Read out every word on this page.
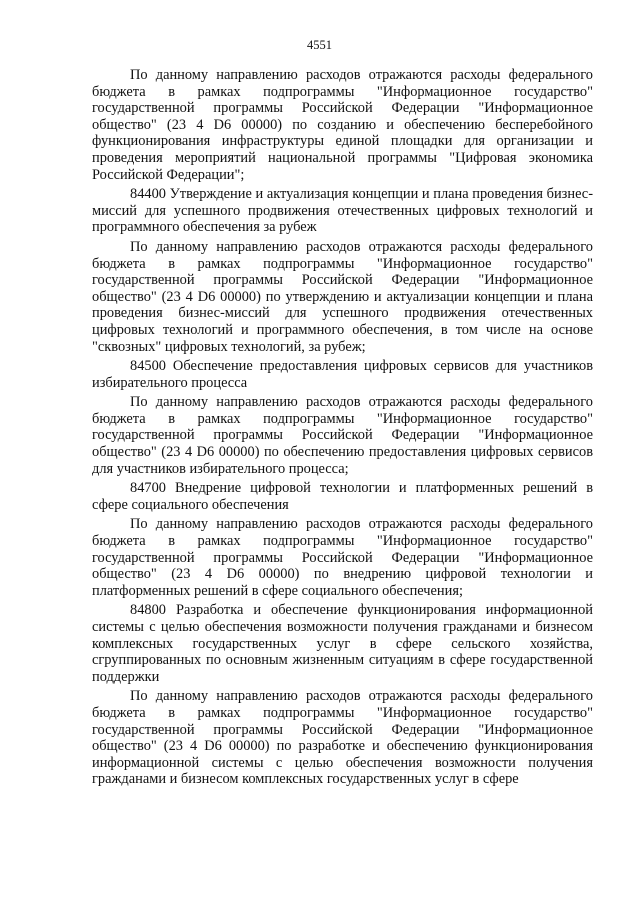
4551

По данному направлению расходов отражаются расходы федерального бюджета в рамках подпрограммы "Информационное государство" государственной программы Российской Федерации "Информационное общество" (23 4 D6 00000) по созданию и обеспечению бесперебойного функционирования инфраструктуры единой площадки для организации и проведения мероприятий национальной программы "Цифровая экономика Российской Федерации";

84400 Утверждение и актуализация концепции и плана проведения бизнес-миссий для успешного продвижения отечественных цифровых технологий и программного обеспечения за рубеж

По данному направлению расходов отражаются расходы федерального бюджета в рамках подпрограммы "Информационное государство" государственной программы Российской Федерации "Информационное общество" (23 4 D6 00000) по утверждению и актуализации концепции и плана проведения бизнес-миссий для успешного продвижения отечественных цифровых технологий и программного обеспечения, в том числе на основе "сквозных" цифровых технологий, за рубеж;

84500 Обеспечение предоставления цифровых сервисов для участников избирательного процесса

По данному направлению расходов отражаются расходы федерального бюджета в рамках подпрограммы "Информационное государство" государственной программы Российской Федерации "Информационное общество" (23 4 D6 00000) по обеспечению предоставления цифровых сервисов для участников избирательного процесса;

84700 Внедрение цифровой технологии и платформенных решений в сфере социального обеспечения

По данному направлению расходов отражаются расходы федерального бюджета в рамках подпрограммы "Информационное государство" государственной программы Российской Федерации "Информационное общество" (23 4 D6 00000) по внедрению цифровой технологии и платформенных решений в сфере социального обеспечения;

84800 Разработка и обеспечение функционирования информационной системы с целью обеспечения возможности получения гражданами и бизнесом комплексных государственных услуг в сфере сельского хозяйства, сгруппированных по основным жизненным ситуациям в сфере государственной поддержки

По данному направлению расходов отражаются расходы федерального бюджета в рамках подпрограммы "Информационное государство" государственной программы Российской Федерации "Информационное общество" (23 4 D6 00000) по разработке и обеспечению функционирования информационной системы с целью обеспечения возможности получения гражданами и бизнесом комплексных государственных услуг в сфере
